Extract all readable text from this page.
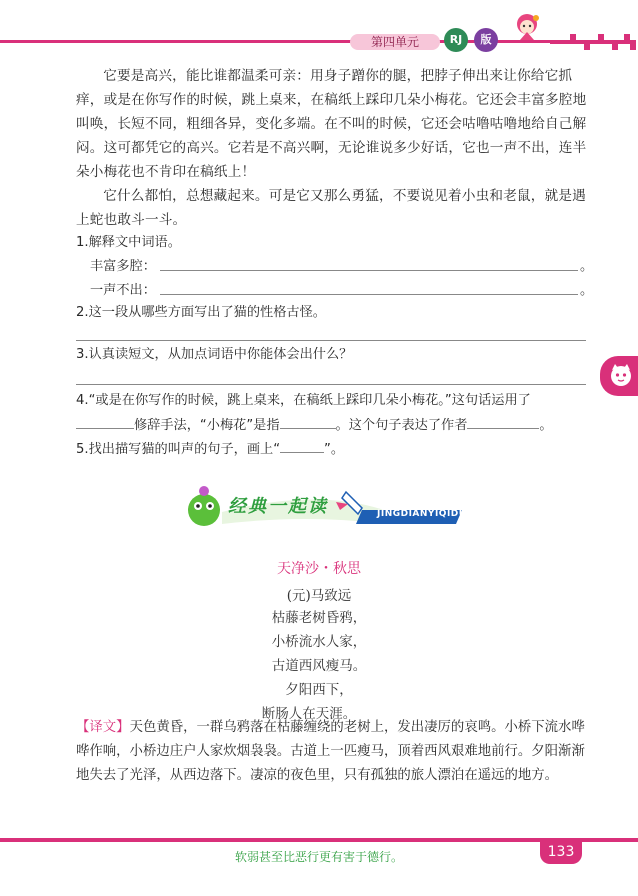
第四单元	RJ	版
它要是高兴，能比谁都温柔可亲：用身子蹭你的腿，把脖子伸出来让你给它抓痒，或是在你写作的时候，跳上桌来，在稿纸上踩印几朵小梅花。它还会丰富多腔地叫唤，长短不同，粗细各异，变化多端。在不叫的时候，它还会咕噜咕噜地给自己解闷。这可都凭它的高兴。它若是不高兴啊，无论谁说多少好话，它也一声不出，连半朵小梅花也不肯印在稿纸上！
它什么都怕，总想藏起来。可是它又那么勇猛，不要说见着小虫和老鼠，就是遇上蛇也敢斗一斗。
1.解释文中词语。
丰富多腔：	。
一声不出：	。
2.这一段从哪些方面写出了猫的性格古怪。
3.认真读短文，从加点词语中你能体会出什么？
4.“或是在你写作的时候，跳上桌来，在稿纸上踩印几朵小梅花。”这句话运用了
修辞手法，“小梅花”是指	。这个句子表达了作者	。
5.找出描写猫的叫声的句子，画上“	”。
经典一起读	JINGDIANYIQIDU
天净沙・秋思
(元)马致远
枯藤老树昏鸦，
小桥流水人家，
古道西风瘦马。
夕阳西下，
断肠人在天涯。
【译文】天色黄昏，一群乌鸦落在枯藤缠绕的老树上，发出凄厉的哀鸣。小桥下流水哗哗作响，小桥边庄户人家炊烟袅袅。古道上一匹瘦马，顶着西风艰难地前行。夕阳渐渐地失去了光泽，从西边落下。凄凉的夜色里，只有孤独的旅人漂泊在遥远的地方。
软弱甚至比恶行更有害于德行。	133
